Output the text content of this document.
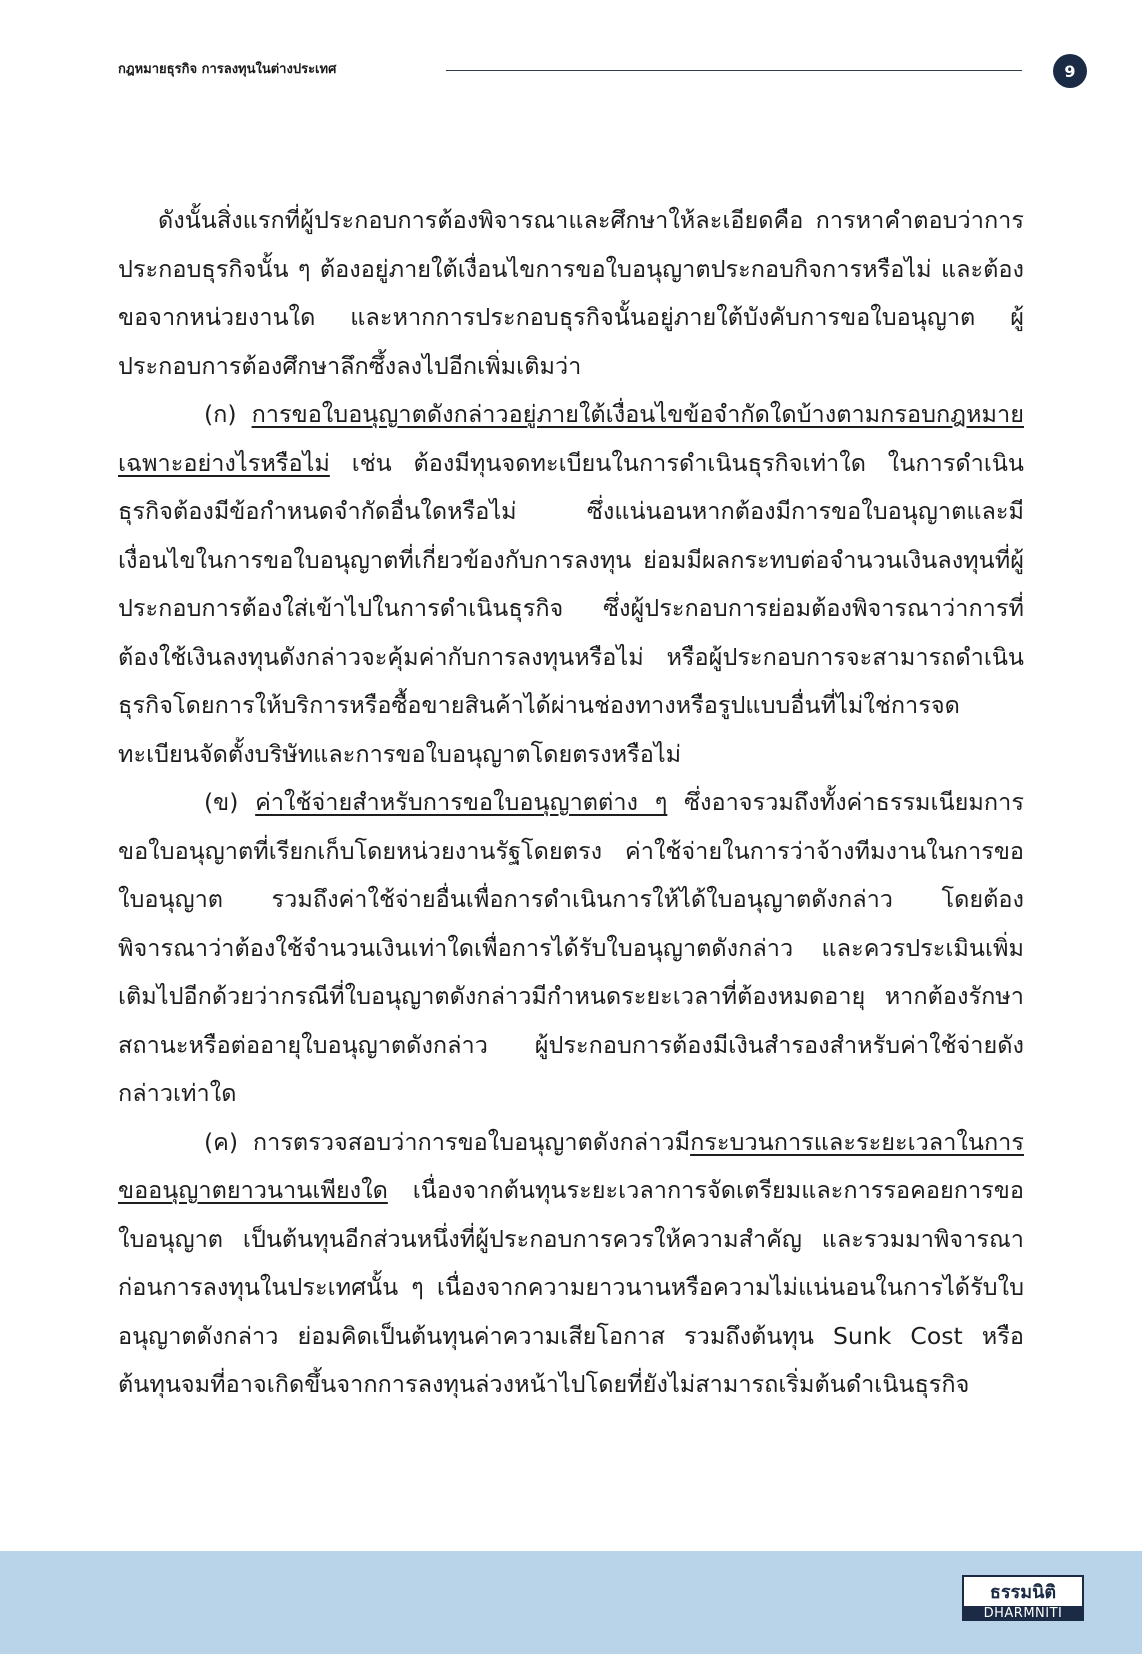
กฎหมายธุรกิจ การลงทุนในต่างประเทศ	9

ดังนั้นสิ่งแรกที่ผู้ประกอบการต้องพิจารณาและศึกษาให้ละเอียดคือ การหาคำตอบว่าการประกอบธุรกิจนั้น ๆ ต้องอยู่ภายใต้เงื่อนไขการขอใบอนุญาตประกอบกิจการหรือไม่ และต้องขอจากหน่วยงานใด และหากการประกอบธุรกิจนั้นอยู่ภายใต้บังคับการขอใบอนุญาต ผู้ประกอบการต้องศึกษาลึกซึ้งลงไปอีกเพิ่มเติมว่า

(ก) การขอใบอนุญาตดังกล่าวอยู่ภายใต้เงื่อนไขข้อจำกัดใดบ้างตามกรอบกฎหมายเฉพาะอย่างไรหรือไม่ เช่น ต้องมีทุนจดทะเบียนในการดำเนินธุรกิจเท่าใด ในการดำเนินธุรกิจต้องมีข้อกำหนดจำกัดอื่นใดหรือไม่ ซึ่งแน่นอนหากต้องมีการขอใบอนุญาตและมีเงื่อนไขในการขอใบอนุญาตที่เกี่ยวข้องกับการลงทุน ย่อมมีผลกระทบต่อจำนวนเงินลงทุนที่ผู้ประกอบการต้องใส่เข้าไปในการดำเนินธุรกิจ ซึ่งผู้ประกอบการย่อมต้องพิจารณาว่าการที่ต้องใช้เงินลงทุนดังกล่าวจะคุ้มค่ากับการลงทุนหรือไม่ หรือผู้ประกอบการจะสามารถดำเนินธุรกิจโดยการให้บริการหรือซื้อขายสินค้าได้ผ่านช่องทางหรือรูปแบบอื่นที่ไม่ใช่การจดทะเบียนจัดตั้งบริษัทและการขอใบอนุญาตโดยตรงหรือไม่

(ข) ค่าใช้จ่ายสำหรับการขอใบอนุญาตต่าง ๆ ซึ่งอาจรวมถึงทั้งค่าธรรมเนียมการขอใบอนุญาตที่เรียกเก็บโดยหน่วยงานรัฐโดยตรง ค่าใช้จ่ายในการว่าจ้างทีมงานในการขอใบอนุญาต รวมถึงค่าใช้จ่ายอื่นเพื่อการดำเนินการให้ได้ใบอนุญาตดังกล่าว โดยต้องพิจารณาว่าต้องใช้จำนวนเงินเท่าใดเพื่อการได้รับใบอนุญาตดังกล่าว และควรประเมินเพิ่มเติมไปอีกด้วยว่ากรณีที่ใบอนุญาตดังกล่าวมีกำหนดระยะเวลาที่ต้องหมดอายุ หากต้องรักษาสถานะหรือต่ออายุใบอนุญาตดังกล่าว ผู้ประกอบการต้องมีเงินสำรองสำหรับค่าใช้จ่ายดังกล่าวเท่าใด

(ค) การตรวจสอบว่าการขอใบอนุญาตดังกล่าวมีกระบวนการและระยะเวลาในการขออนุญาตยาวนานเพียงใด เนื่องจากต้นทุนระยะเวลาการจัดเตรียมและการรอคอยการขอใบอนุญาต เป็นต้นทุนอีกส่วนหนึ่งที่ผู้ประกอบการควรให้ความสำคัญ และรวมมาพิจารณาก่อนการลงทุนในประเทศนั้น ๆ เนื่องจากความยาวนานหรือความไม่แน่นอนในการได้รับใบอนุญาตดังกล่าว ย่อมคิดเป็นต้นทุนค่าความเสียโอกาส รวมถึงต้นทุน Sunk Cost หรือต้นทุนจมที่อาจเกิดขึ้นจากการลงทุนล่วงหน้าไปโดยที่ยังไม่สามารถเริ่มต้นดำเนินธุรกิจ

ธรรมนิติ
DHARMNITI
